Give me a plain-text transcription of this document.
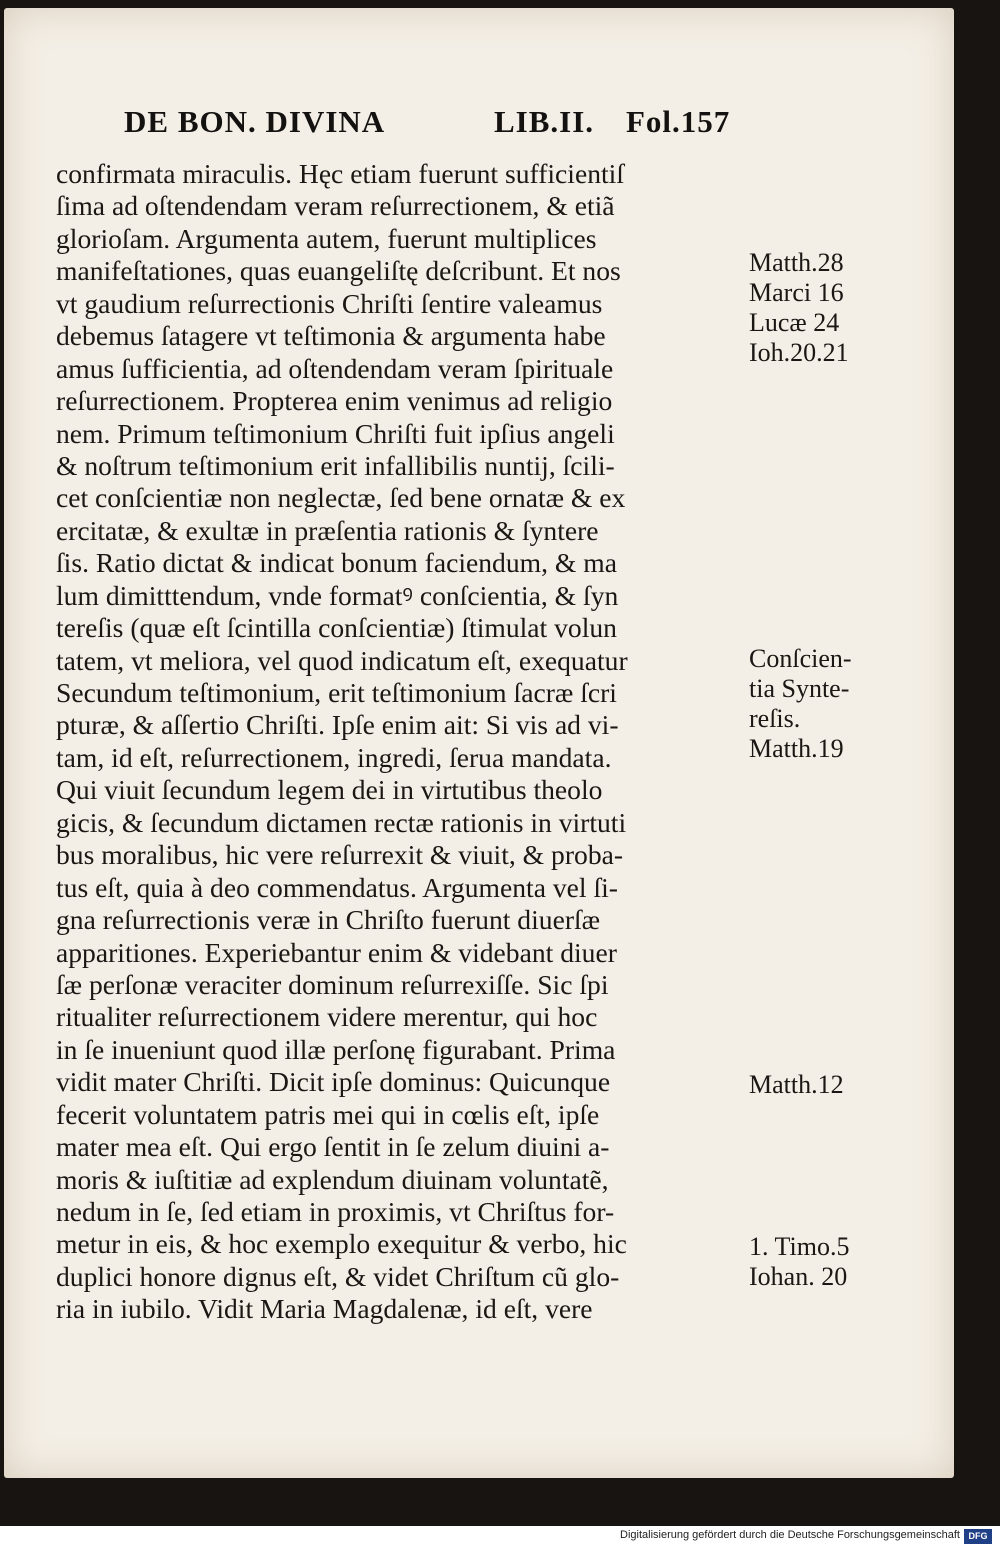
DE BON. DIVINA	LIB.II. Fol.157
confirmata miraculis. Hęc etiam fuerunt sufficientiſ
ſima ad oſtendendam veram reſurrectionem, & etiã
glorioſam. Argumenta autem, fuerunt multiplices
manifeſtationes, quas euangeliſtę deſcribunt. Et nos
vt gaudium reſurrectionis Chriſti ſentire valeamus
debemus ſatagere vt teſtimonia & argumenta habe
amus ſufficientia, ad oſtendendam veram ſpirituale
reſurrectionem. Propterea enim venimus ad religio
nem. Primum teſtimonium Chriſti fuit ipſius angeli
& noſtrum teſtimonium erit infallibilis nuntij, ſcili-
cet conſcientiæ non neglectæ, ſed bene ornatæ & ex
ercitatæ, & exultæ in præſentia rationis & ſyntere
ſis. Ratio dictat & indicat bonum faciendum, & ma
lum dimitttendum, vnde formatꝰ conſcientia, & ſyn
tereſis (quæ eſt ſcintilla conſcientiæ) ſtimulat volun
tatem, vt meliora, vel quod indicatum eſt, exequatur
Secundum teſtimonium, erit teſtimonium ſacræ ſcri
pturæ, & aſſertio Chriſti. Ipſe enim ait: Si vis ad vi-
tam, id eſt, reſurrectionem, ingredi, ſerua mandata.
Qui viuit ſecundum legem dei in virtutibus theolo
gicis, & ſecundum dictamen rectæ rationis in virtuti
bus moralibus, hic vere reſurrexit & viuit, & proba-
tus eſt, quia à deo commendatus. Argumenta vel ſi-
gna reſurrectionis veræ in Chriſto fuerunt diuerſæ
apparitiones. Experiebantur enim & videbant diuer
ſæ perſonæ veraciter dominum reſurrexiſſe. Sic ſpi
ritualiter reſurrectionem videre merentur, qui hoc
in ſe inueniunt quod illæ perſonę figurabant. Prima
vidit mater Chriſti. Dicit ipſe dominus: Quicunque
fecerit voluntatem patris mei qui in cœlis eſt, ipſe
mater mea eſt. Qui ergo ſentit in ſe zelum diuini a-
moris & iuſtitiæ ad explendum diuinam voluntatẽ,
nedum in ſe, ſed etiam in proximis, vt Chriſtus for-
metur in eis, & hoc exemplo exequitur & verbo, hic
duplici honore dignus eſt, & videt Chriſtum cũ glo-
ria in iubilo. Vidit Maria Magdalenæ, id eſt, vere
Matth.28
Marci 16
Lucæ 24
Ioh.20.21
Conſcien-
tia Synte-
reſis.
Matth.19
Matth.12
1. Timo.5
Iohan. 20
Digitalisierung gefördert durch die Deutsche Forschungsgemeinschaft DFG
